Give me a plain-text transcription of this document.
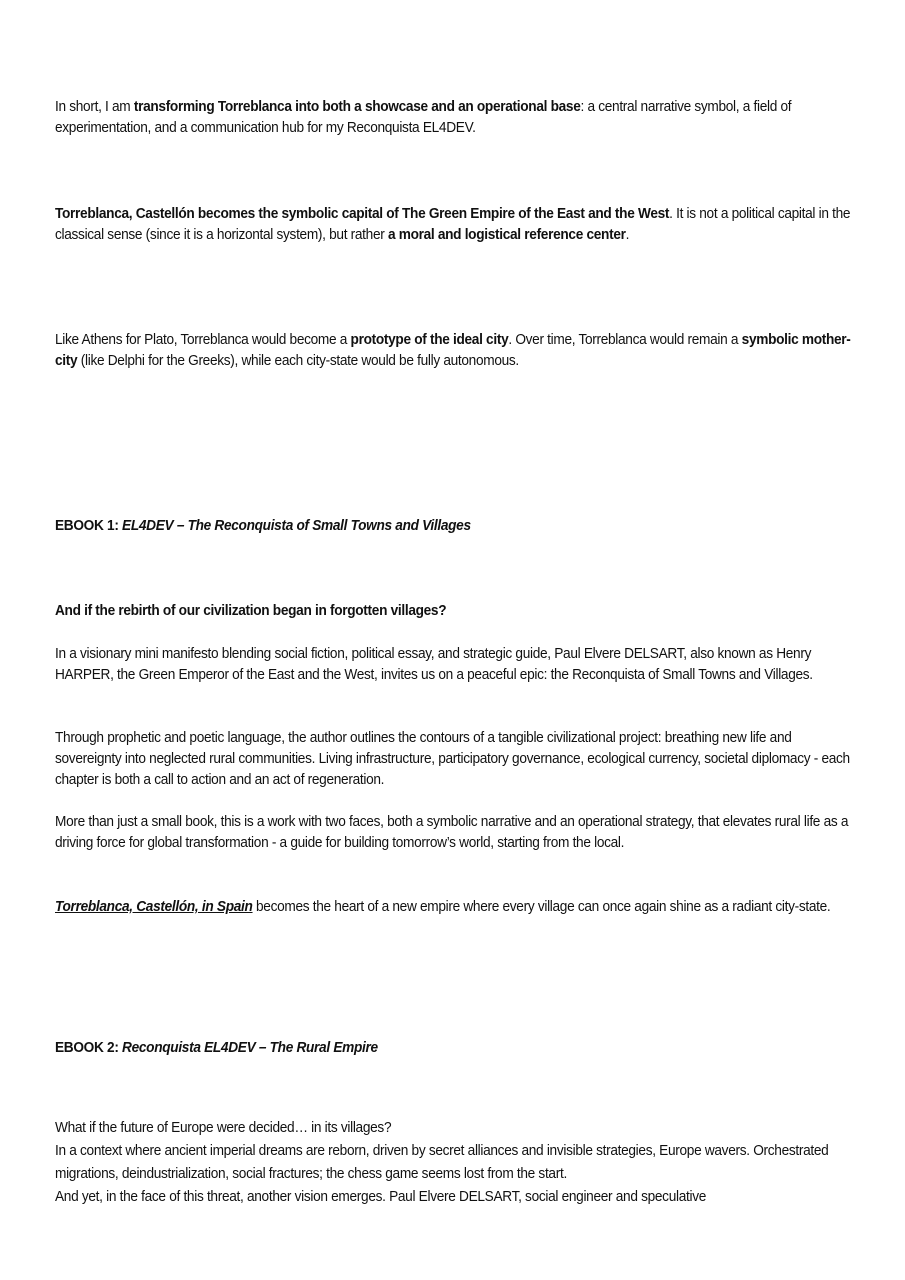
In short, I am transforming Torreblanca into both a showcase and an operational base: a central narrative symbol, a field of experimentation, and a communication hub for my Reconquista EL4DEV.

Torreblanca, Castellón becomes the symbolic capital of The Green Empire of the East and the West. It is not a political capital in the classical sense (since it is a horizontal system), but rather a moral and logistical reference center.

Like Athens for Plato, Torreblanca would become a prototype of the ideal city. Over time, Torreblanca would remain a symbolic mother-city (like Delphi for the Greeks), while each city-state would be fully autonomous.

EBOOK 1: EL4DEV – The Reconquista of Small Towns and Villages

And if the rebirth of our civilization began in forgotten villages?

In a visionary mini manifesto blending social fiction, political essay, and strategic guide, Paul Elvere DELSART, also known as Henry HARPER, the Green Emperor of the East and the West, invites us on a peaceful epic: the Reconquista of Small Towns and Villages.

Through prophetic and poetic language, the author outlines the contours of a tangible civilizational project: breathing new life and sovereignty into neglected rural communities. Living infrastructure, participatory governance, ecological currency, societal diplomacy - each chapter is both a call to action and an act of regeneration.

More than just a small book, this is a work with two faces, both a symbolic narrative and an operational strategy, that elevates rural life as a driving force for global transformation - a guide for building tomorrow’s world, starting from the local.

Torreblanca, Castellón, in Spain becomes the heart of a new empire where every village can once again shine as a radiant city-state.

EBOOK 2: Reconquista EL4DEV – The Rural Empire

What if the future of Europe were decided… in its villages?

In a context where ancient imperial dreams are reborn, driven by secret alliances and invisible strategies, Europe wavers. Orchestrated migrations, deindustrialization, social fractures; the chess game seems lost from the start.

And yet, in the face of this threat, another vision emerges. Paul Elvere DELSART, social engineer and speculative
